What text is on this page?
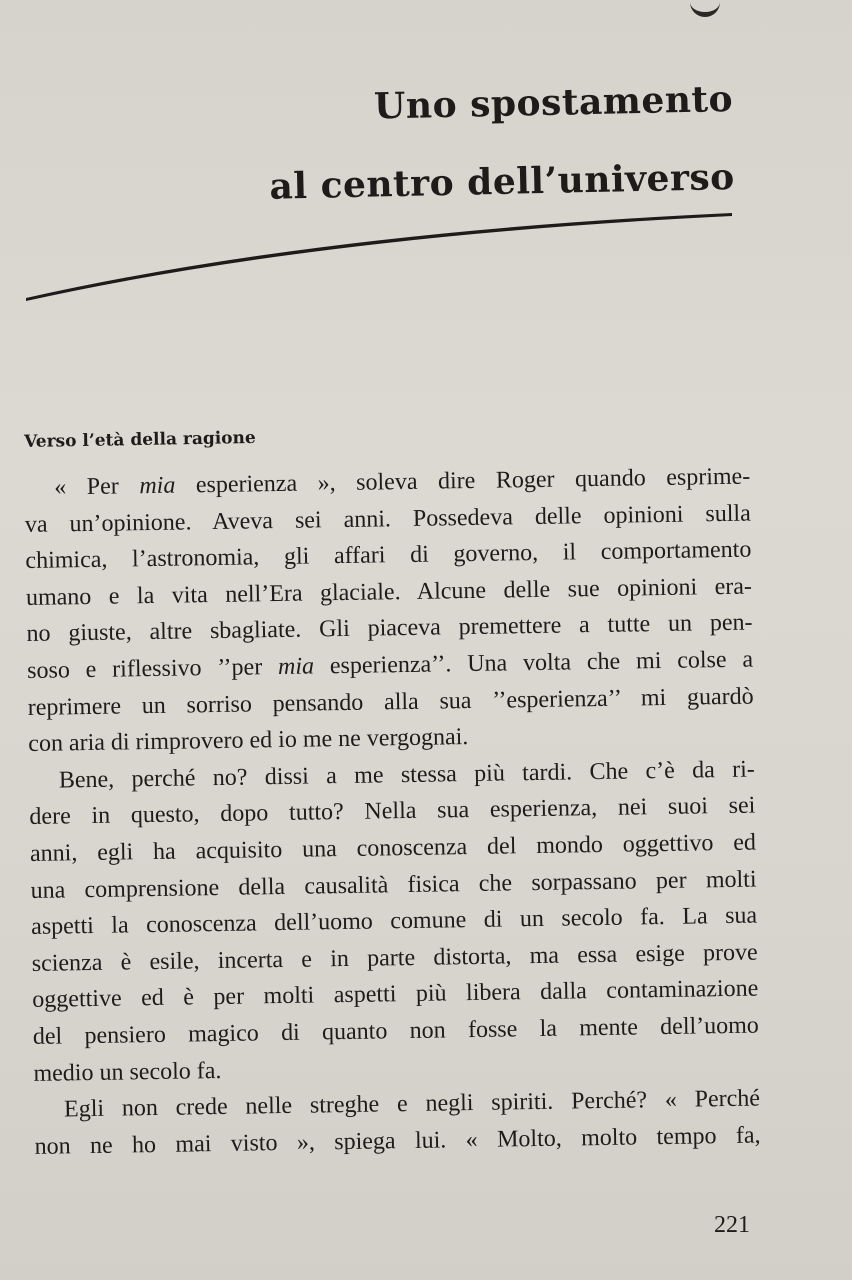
Uno spostamento
al centro dell’universo
Verso l’età della ragione

« Per mia esperienza », soleva dire Roger quando esprime-
va un’opinione. Aveva sei anni. Possedeva delle opinioni sulla
chimica, l’astronomia, gli affari di governo, il comportamento
umano e la vita nell’Era glaciale. Alcune delle sue opinioni era-
no giuste, altre sbagliate. Gli piaceva premettere a tutte un pen-
soso e riflessivo ’’per mia esperienza’’. Una volta che mi colse a
reprimere un sorriso pensando alla sua ’’esperienza’’ mi guardò
con aria di rimprovero ed io me ne vergognai.

Bene, perché no? dissi a me stessa più tardi. Che c’è da ri-
dere in questo, dopo tutto? Nella sua esperienza, nei suoi sei
anni, egli ha acquisito una conoscenza del mondo oggettivo ed
una comprensione della causalità fisica che sorpassano per molti
aspetti la conoscenza dell’uomo comune di un secolo fa. La sua
scienza è esile, incerta e in parte distorta, ma essa esige prove
oggettive ed è per molti aspetti più libera dalla contaminazione
del pensiero magico di quanto non fosse la mente dell’uomo
medio un secolo fa.

Egli non crede nelle streghe e negli spiriti. Perché? « Perché
non ne ho mai visto », spiega lui. « Molto, molto tempo fa,

221
